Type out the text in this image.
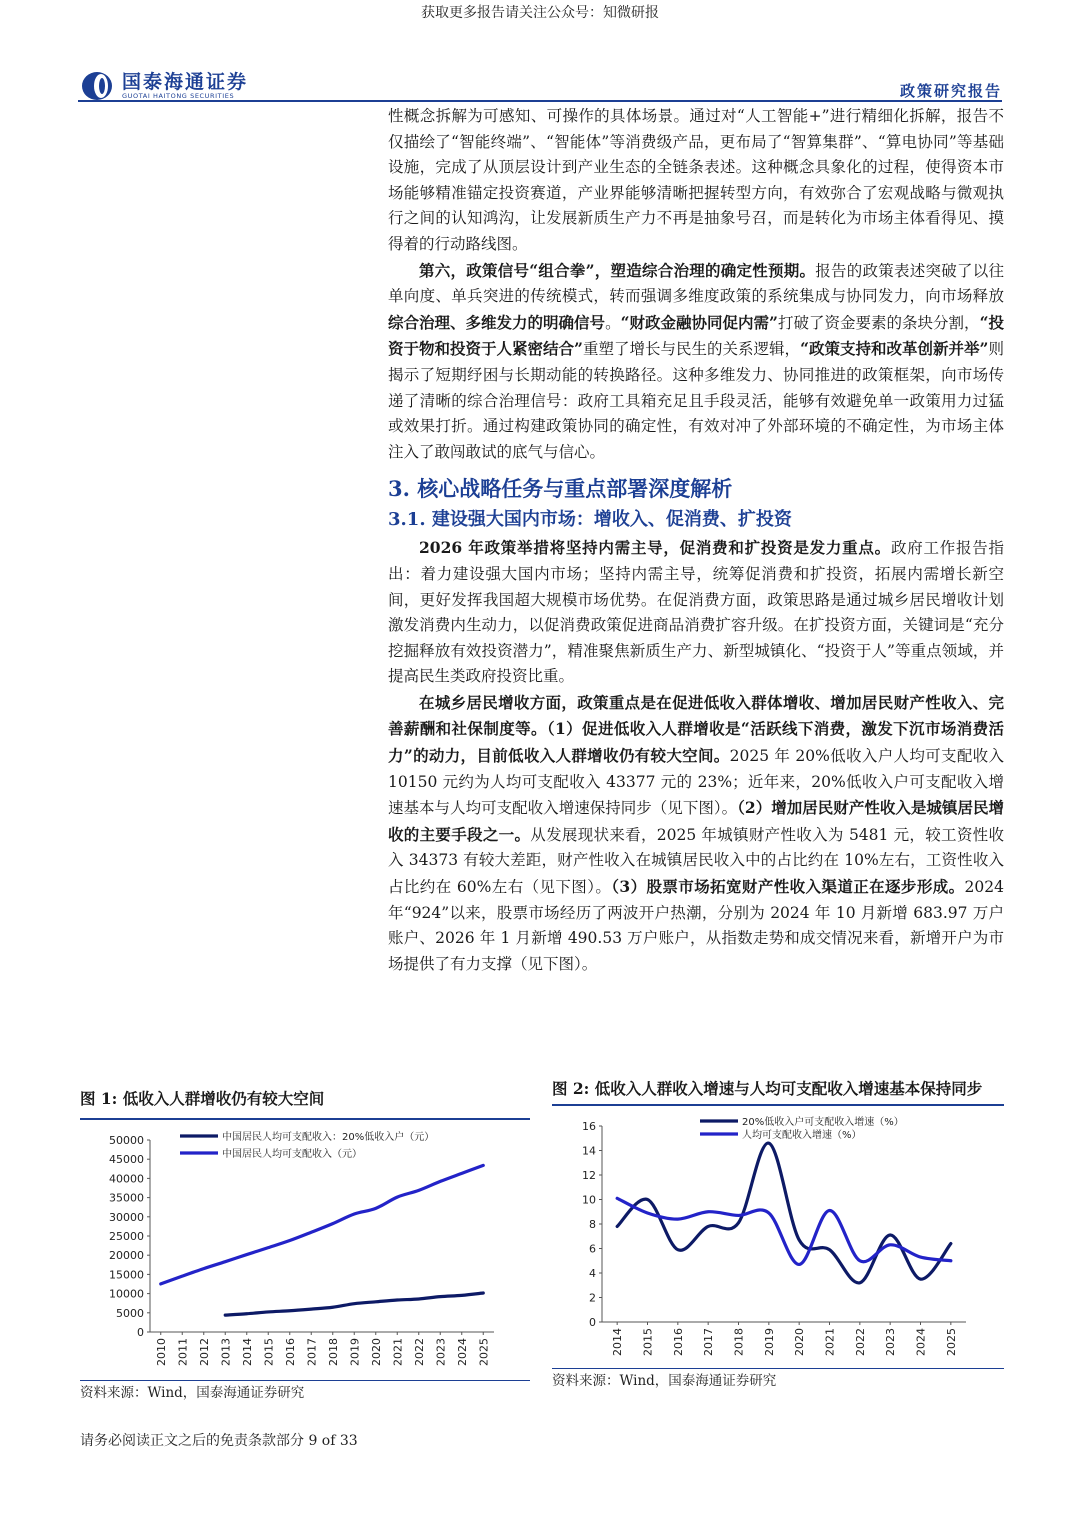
获取更多报告请关注公众号：知微研报
国泰海通证券
GUOTAI HAITONG SECURITIES	政策研究报告

性概念拆解为可感知、可操作的具体场景。通过对“人工智能+”进行精细化拆解，报告不仅描绘了“智能终端”、“智能体”等消费级产品，更布局了“智算集群”、“算电协同”等基础设施，完成了从顶层设计到产业生态的全链条表述。这种概念具象化的过程，使得资本市场能够精准锚定投资赛道，产业界能够清晰把握转型方向，有效弥合了宏观战略与微观执行之间的认知鸿沟，让发展新质生产力不再是抽象号召，而是转化为市场主体看得见、摸得着的行动路线图。

第六，政策信号“组合拳”，塑造综合治理的确定性预期。报告的政策表述突破了以往单向度、单兵突进的传统模式，转而强调多维度政策的系统集成与协同发力，向市场释放综合治理、多维发力的明确信号。“财政金融协同促内需”打破了资金要素的条块分割，“投资于物和投资于人紧密结合”重塑了增长与民生的关系逻辑，“政策支持和改革创新并举”则揭示了短期纾困与长期动能的转换路径。这种多维发力、协同推进的政策框架，向市场传递了清晰的综合治理信号：政府工具箱充足且手段灵活，能够有效避免单一政策用力过猛或效果打折。通过构建政策协同的确定性，有效对冲了外部环境的不确定性，为市场主体注入了敢闯敢试的底气与信心。

3. 核心战略任务与重点部署深度解析
3.1. 建设强大国内市场：增收入、促消费、扩投资

2026 年政策举措将坚持内需主导，促消费和扩投资是发力重点。政府工作报告指出：着力建设强大国内市场；坚持内需主导，统筹促消费和扩投资，拓展内需增长新空间，更好发挥我国超大规模市场优势。在促消费方面，政策思路是通过城乡居民增收计划激发消费内生动力，以促消费政策促进商品消费扩容升级。在扩投资方面，关键词是“充分挖掘释放有效投资潜力”，精准聚焦新质生产力、新型城镇化、“投资于人”等重点领域，并提高民生类政府投资比重。

在城乡居民增收方面，政策重点是在促进低收入群体增收、增加居民财产性收入、完善薪酬和社保制度等。（1）促进低收入人群增收是“活跃线下消费，激发下沉市场消费活力”的动力，目前低收入人群增收仍有较大空间。2025 年 20%低收入户人均可支配收入 10150 元约为人均可支配收入 43377 元的 23%；近年来，20%低收入户可支配收入增速基本与人均可支配收入增速保持同步（见下图）。（2）增加居民财产性收入是城镇居民增收的主要手段之一。从发展现状来看，2025 年城镇财产性收入为 5481 元，较工资性收入 34373 有较大差距，财产性收入在城镇居民收入中的占比约在 10%左右，工资性收入占比约在 60%左右（见下图）。（3）股票市场拓宽财产性收入渠道正在逐步形成。2024 年“924”以来，股票市场经历了两波开户热潮，分别为 2024 年 10 月新增 683.97 万户账户、2026 年 1 月新增 490.53 万户账户，从指数走势和成交情况来看，新增开户为市场提供了有力支撑（见下图）。

图 1: 低收入人群增收仍有较大空间
0
5000
10000
15000
20000
25000
30000
35000
40000
45000
50000
2010 2011 2012 2013 2014 2015 2016 2017 2018 2019 2020 2021 2022 2023 2024 2025
中国居民人均可支配收入：20%低收入户（元）
中国居民人均可支配收入（元）
资料来源：Wind，国泰海通证券研究
图 2: 低收入人群收入增速与人均可支配收入增速基本保持同步
0
2
4
6
8
10
12
14
16
2014 2015 2016 2017 2018 2019 2020 2021 2022 2023 2024 2025
20%低收入户可支配收入增速（%）
人均可支配收入增速（%）
资料来源：Wind，国泰海通证券研究
请务必阅读正文之后的免责条款部分 9 of 33
